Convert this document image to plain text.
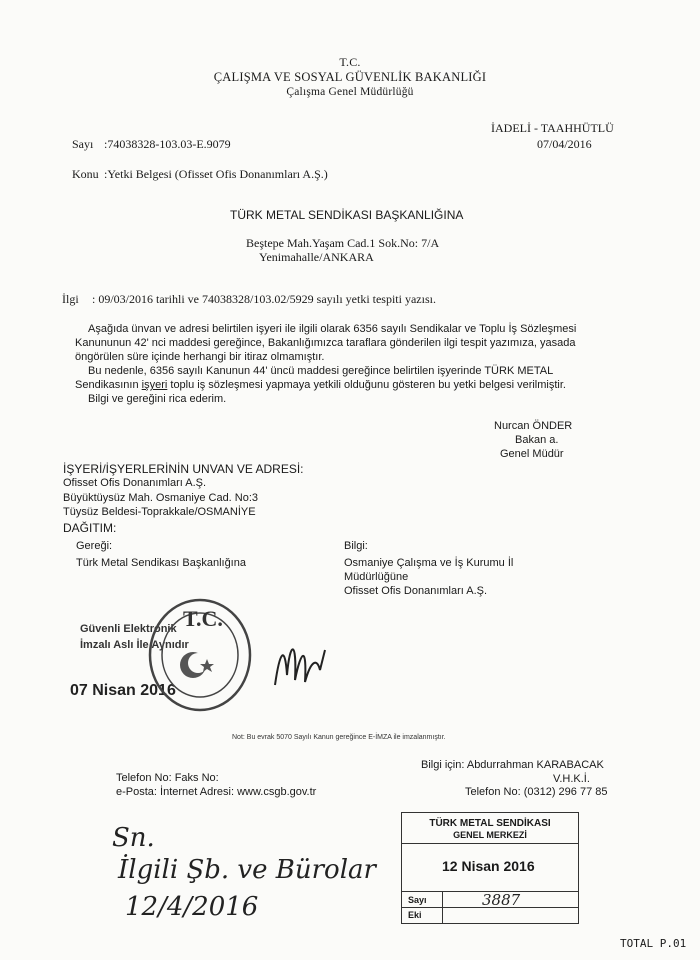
T.C.
ÇALIŞMA VE SOSYAL GÜVENLİK BAKANLIĞI
Çalışma Genel Müdürlüğü
İADELİ - TAAHHÜTLÜ
Sayı :74038328-103.03-E.9079	07/04/2016
Konu :Yetki Belgesi (Ofisset Ofis Donanımları A.Ş.)
TÜRK METAL SENDİKASI BAŞKANLIĞINA
Beştepe Mah.Yaşam Cad.1 Sok.No: 7/A
Yenimahalle/ANKARA
İlgi : 09/03/2016 tarihli ve 74038328/103.02/5929 sayılı yetki tespiti yazısı.
Aşağıda ünvan ve adresi belirtilen işyeri ile ilgili olarak 6356 sayılı Sendikalar ve Toplu İş Sözleşmesi
Kanununun 42' nci maddesi gereğince, Bakanlığımızca taraflara gönderilen ilgi tespit yazımıza, yasada
öngörülen süre içinde herhangi bir itiraz olmamıştır.
Bu nedenle, 6356 sayılı Kanunun 44' üncü maddesi gereğince belirtilen işyerinde TÜRK METAL
Sendikasının işyeri toplu iş sözleşmesi yapmaya yetkili olduğunu gösteren bu yetki belgesi verilmiştir.
Bilgi ve gereğini rica ederim.
Nurcan ÖNDER
Bakan a.
Genel Müdür
İŞYERİ/İŞYERLERİNİN UNVAN VE ADRESİ:
Ofisset Ofis Donanımları A.Ş.
Büyüktüysüz Mah. Osmaniye Cad. No:3
Tüysüz Beldesi-Toprakkale/OSMANİYE
DAĞITIM:
Gereği:
Türk Metal Sendikası Başkanlığına
Bilgi:
Osmaniye Çalışma ve İş Kurumu İl
Müdürlüğüne
Ofisset Ofis Donanımları A.Ş.
Güvenli Elektronik
İmzalı Aslı İle Aynıdır
07 Nisan 2016
T.C.
Not: Bu evrak 5070 Sayılı Kanun gereğince E-İMZA ile imzalanmıştır.
Telefon No: Faks No:
e-Posta: İnternet Adresi: www.csgb.gov.tr
Bilgi için: Abdurrahman KARABACAK
V.H.K.İ.
Telefon No: (0312) 296 77 85
TÜRK METAL SENDİKASI
GENEL MERKEZİ
12 Nisan 2016
Sayı	3887
Eki
Sn.
İlgili Şb. ve Bürolar
12/4/2016
TOTAL P.01
